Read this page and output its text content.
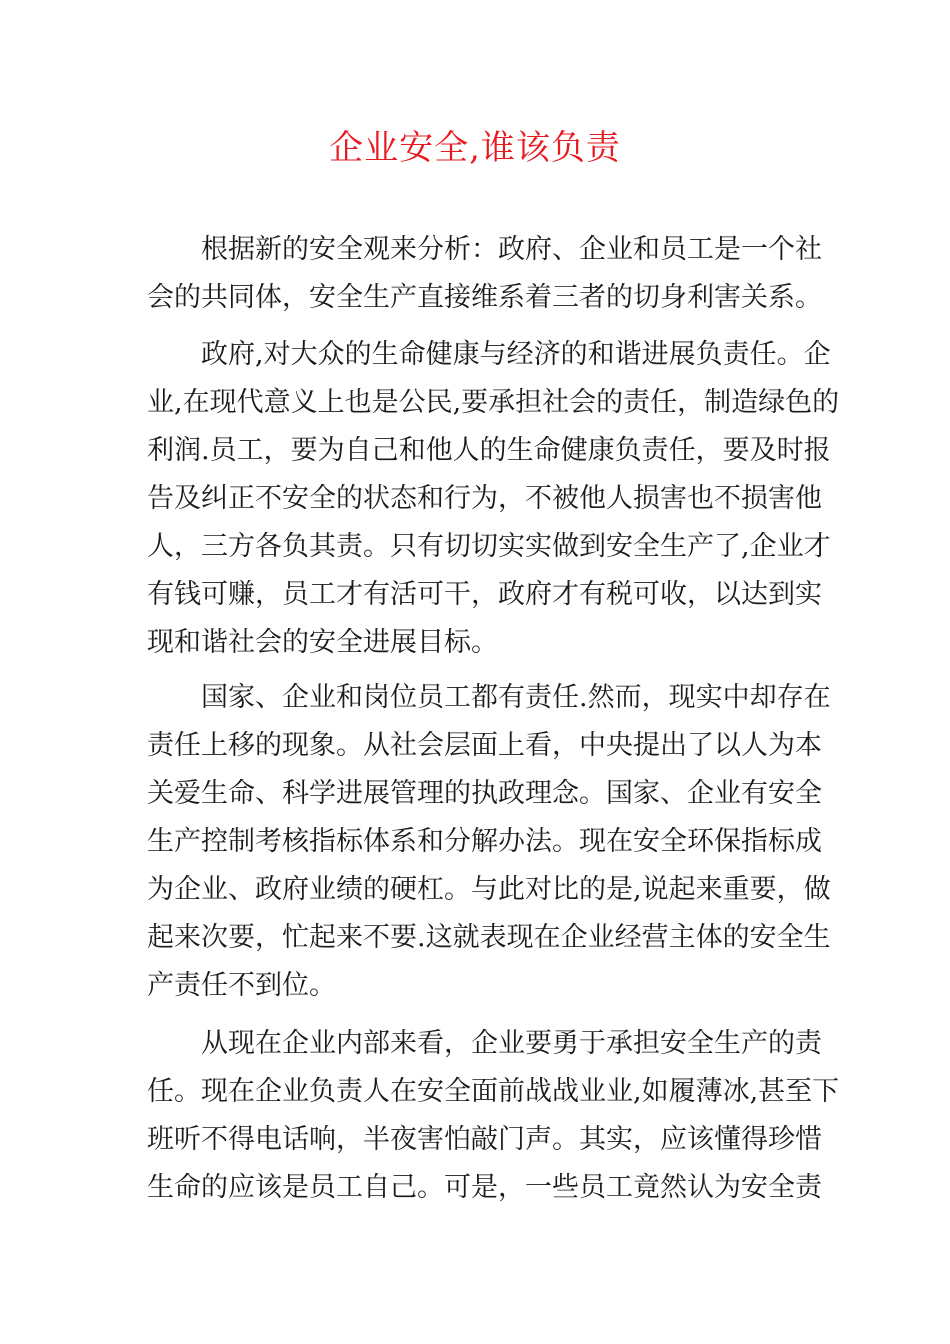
企业安全,谁该负责
根据新的安全观来分析：政府、企业和员工是一个社
会的共同体，安全生产直接维系着三者的切身利害关系。
政府,对大众的生命健康与经济的和谐进展负责任。企
业,在现代意义上也是公民,要承担社会的责任，制造绿色的
利润.员工，要为自己和他人的生命健康负责任，要及时报
告及纠正不安全的状态和行为，不被他人损害也不损害他
人，三方各负其责。只有切切实实做到安全生产了,企业才
有钱可赚，员工才有活可干，政府才有税可收，以达到实
现和谐社会的安全进展目标。
国家、企业和岗位员工都有责任.然而，现实中却存在
责任上移的现象。从社会层面上看，中央提出了以人为本
关爱生命、科学进展管理的执政理念。国家、企业有安全
生产控制考核指标体系和分解办法。现在安全环保指标成
为企业、政府业绩的硬杠。与此对比的是,说起来重要，做
起来次要，忙起来不要.这就表现在企业经营主体的安全生
产责任不到位。
从现在企业内部来看，企业要勇于承担安全生产的责
任。现在企业负责人在安全面前战战业业,如履薄冰,甚至下
班听不得电话响，半夜害怕敲门声。其实，应该懂得珍惜
生命的应该是员工自己。可是，一些员工竟然认为安全责
